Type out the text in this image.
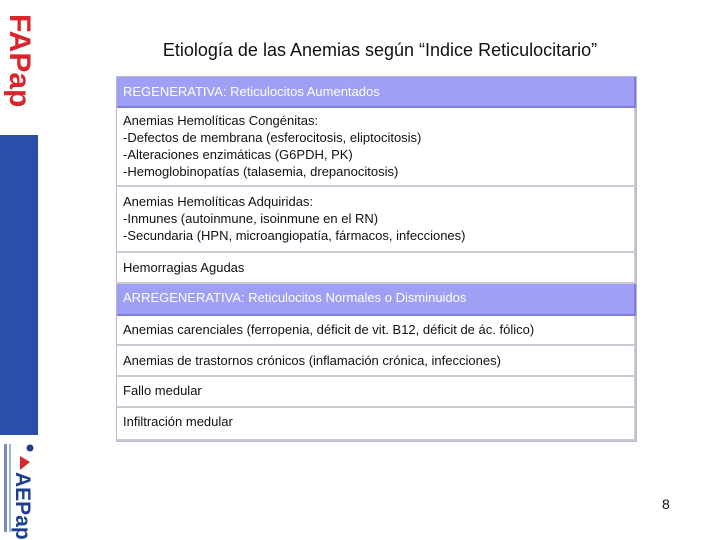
FAPap
AEPap
Etiología de las Anemias según “Indice Reticulocitario”
REGENERATIVA: Reticulocitos Aumentados
Anemias Hemolíticas Congénitas:
-Defectos de membrana (esferocitosis, eliptocitosis)
-Alteraciones enzimáticas (G6PDH, PK)
-Hemoglobinopatías (talasemia, drepanocitosis)
Anemias Hemolíticas Adquiridas:
-Inmunes (autoinmune, isoinmune en el RN)
-Secundaria (HPN, microangiopatía, fármacos, infecciones)
Hemorragias Agudas
ARREGENERATIVA: Reticulocitos Normales o Disminuidos
Anemias carenciales (ferropenia, déficit de vit. B12, déficit de ác. fólico)
Anemias de trastornos crónicos (inflamación crónica, infecciones)
Fallo medular
Infiltración medular
8
